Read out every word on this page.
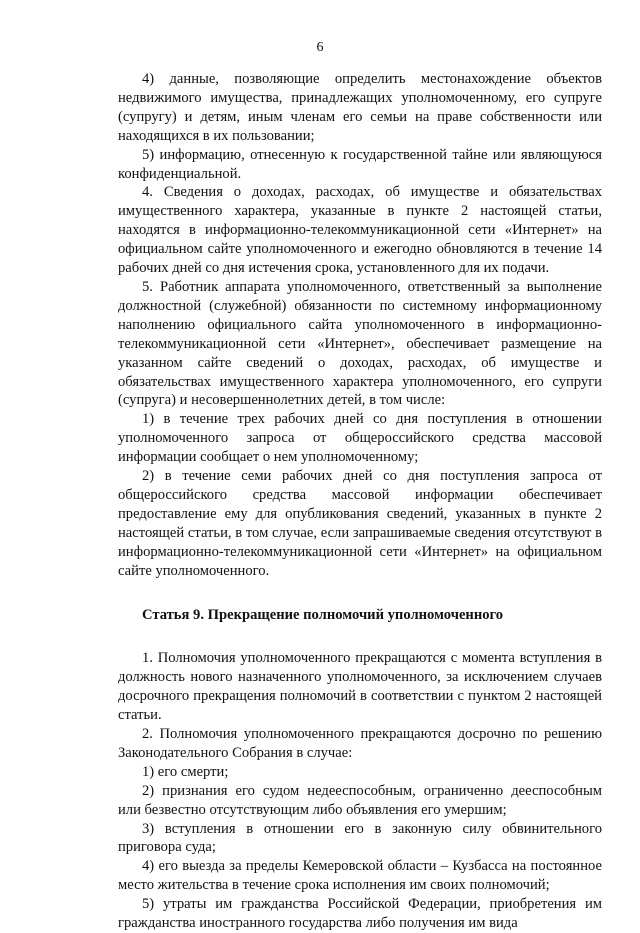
6

4) данные, позволяющие определить местонахождение объектов недвижимого имущества, принадлежащих уполномоченному, его супруге (супругу) и детям, иным членам его семьи на праве собственности или находящихся в их пользовании;

5) информацию, отнесенную к государственной тайне или являющуюся конфиденциальной.

4. Сведения о доходах, расходах, об имуществе и обязательствах имущественного характера, указанные в пункте 2 настоящей статьи, находятся в информационно-телекоммуникационной сети «Интернет» на официальном сайте уполномоченного и ежегодно обновляются в течение 14 рабочих дней со дня истечения срока, установленного для их подачи.

5. Работник аппарата уполномоченного, ответственный за выполнение должностной (служебной) обязанности по системному информационному наполнению официального сайта уполномоченного в информационно-телекоммуникационной сети «Интернет», обеспечивает размещение на указанном сайте сведений о доходах, расходах, об имуществе и обязательствах имущественного характера уполномоченного, его супруги (супруга) и несовершеннолетних детей, в том числе:

1) в течение трех рабочих дней со дня поступления в отношении уполномоченного запроса от общероссийского средства массовой информации сообщает о нем уполномоченному;

2) в течение семи рабочих дней со дня поступления запроса от общероссийского средства массовой информации обеспечивает предоставление ему для опубликования сведений, указанных в пункте 2 настоящей статьи, в том случае, если запрашиваемые сведения отсутствуют в информационно-телекоммуникационной сети «Интернет» на официальном сайте уполномоченного.

Статья 9. Прекращение полномочий уполномоченного

1. Полномочия уполномоченного прекращаются с момента вступления в должность нового назначенного уполномоченного, за исключением случаев досрочного прекращения полномочий в соответствии с пунктом 2 настоящей статьи.

2. Полномочия уполномоченного прекращаются досрочно по решению Законодательного Собрания в случае:

1) его смерти;

2) признания его судом недееспособным, ограниченно дееспособным или безвестно отсутствующим либо объявления его умершим;

3) вступления в отношении его в законную силу обвинительного приговора суда;

4) его выезда за пределы Кемеровской области – Кузбасса на постоянное место жительства в течение срока исполнения им своих полномочий;

5) утраты им гражданства Российской Федерации, приобретения им гражданства иностранного государства либо получения им вида
